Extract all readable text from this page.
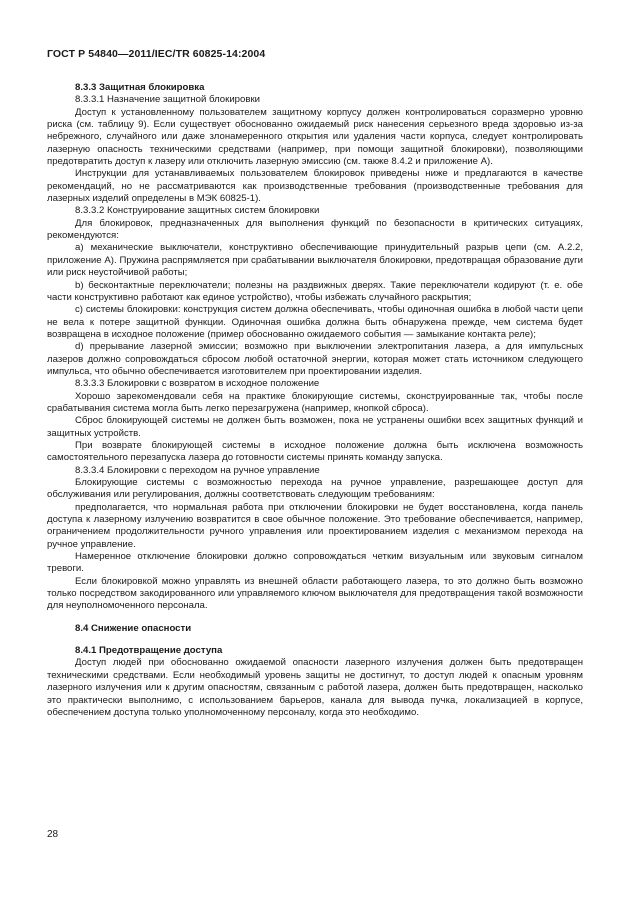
ГОСТ Р 54840—2011/IEC/TR 60825-14:2004

8.3.3 Защитная блокировка

8.3.3.1 Назначение защитной блокировки

Доступ к установленному пользователем защитному корпусу должен контролироваться соразмерно уровню риска (см. таблицу 9). Если существует обоснованно ожидаемый риск нанесения серьезного вреда здоровью из-за небрежного, случайного или даже злонамеренного открытия или удаления части корпуса, следует контролировать лазерную опасность техническими средствами (например, при помощи защитной блокировки), позволяющими предотвратить доступ к лазеру или отключить лазерную эмиссию (см. также 8.4.2 и приложение А).

Инструкции для устанавливаемых пользователем блокировок приведены ниже и предлагаются в качестве рекомендаций, но не рассматриваются как производственные требования (производственные требования для лазерных изделий определены в МЭК 60825-1).

8.3.3.2 Конструирование защитных систем блокировки

Для блокировок, предназначенных для выполнения функций по безопасности в критических ситуациях, рекомендуются:

a) механические выключатели, конструктивно обеспечивающие принудительный разрыв цепи (см. А.2.2, приложение А). Пружина распрямляется при срабатывании выключателя блокировки, предотвращая образование дуги или риск неустойчивой работы;

b) бесконтактные переключатели; полезны на раздвижных дверях. Такие переключатели кодируют (т. е. обе части конструктивно работают как единое устройство), чтобы избежать случайного раскрытия;

c) системы блокировки: конструкция систем должна обеспечивать, чтобы одиночная ошибка в любой части цепи не вела к потере защитной функции. Одиночная ошибка должна быть обнаружена прежде, чем система будет возвращена в исходное положение (пример обоснованно ожидаемого события — замыкание контакта реле);

d) прерывание лазерной эмиссии; возможно при выключении электропитания лазера, а для импульсных лазеров должно сопровождаться сбросом любой остаточной энергии, которая может стать источником следующего импульса, что обычно обеспечивается изготовителем при проектировании изделия.

8.3.3.3 Блокировки с возвратом в исходное положение

Хорошо зарекомендовали себя на практике блокирующие системы, сконструированные так, чтобы после срабатывания система могла быть легко перезагружена (например, кнопкой сброса).

Сброс блокирующей системы не должен быть возможен, пока не устранены ошибки всех защитных функций и защитных устройств.

При возврате блокирующей системы в исходное положение должна быть исключена возможность самостоятельного перезапуска лазера до готовности системы принять команду запуска.

8.3.3.4 Блокировки с переходом на ручное управление

Блокирующие системы с возможностью перехода на ручное управление, разрешающее доступ для обслуживания или регулирования, должны соответствовать следующим требованиям:

предполагается, что нормальная работа при отключении блокировки не будет восстановлена, когда панель доступа к лазерному излучению возвратится в свое обычное положение. Это требование обеспечивается, например, ограничением продолжительности ручного управления или проектированием изделия с механизмом перехода на ручное управление.

Намеренное отключение блокировки должно сопровождаться четким визуальным или звуковым сигналом тревоги.

Если блокировкой можно управлять из внешней области работающего лазера, то это должно быть возможно только посредством закодированного или управляемого ключом выключателя для предотвращения такой возможности для неуполномоченного персонала.

8.4 Снижение опасности

8.4.1 Предотвращение доступа

Доступ людей при обоснованно ожидаемой опасности лазерного излучения должен быть предотвращен техническими средствами. Если необходимый уровень защиты не достигнут, то доступ людей к опасным уровням лазерного излучения или к другим опасностям, связанным с работой лазера, должен быть предотвращен, насколько это практически выполнимо, с использованием барьеров, канала для вывода пучка, локализацией в корпусе, обеспечением доступа только уполномоченному персоналу, когда это необходимо.

28
